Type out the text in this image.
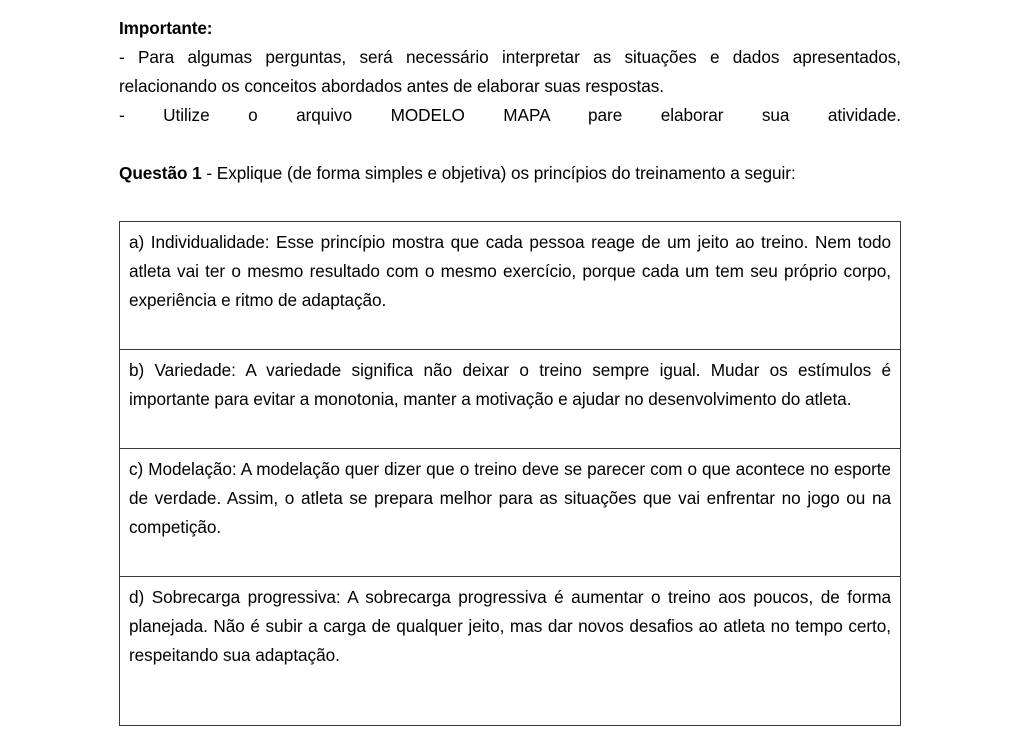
Importante:
- Para algumas perguntas, será necessário interpretar as situações e dados apresentados, relacionando os conceitos abordados antes de elaborar suas respostas.
- Utilize o arquivo MODELO MAPA pare elaborar sua atividade.
Questão 1 - Explique (de forma simples e objetiva) os princípios do treinamento a seguir:
a) Individualidade: Esse princípio mostra que cada pessoa reage de um jeito ao treino. Nem todo atleta vai ter o mesmo resultado com o mesmo exercício, porque cada um tem seu próprio corpo, experiência e ritmo de adaptação.

b) Variedade: A variedade significa não deixar o treino sempre igual. Mudar os estímulos é importante para evitar a monotonia, manter a motivação e ajudar no desenvolvimento do atleta.

c) Modelação: A modelação quer dizer que o treino deve se parecer com o que acontece no esporte de verdade. Assim, o atleta se prepara melhor para as situações que vai enfrentar no jogo ou na competição.

d) Sobrecarga progressiva: A sobrecarga progressiva é aumentar o treino aos poucos, de forma planejada. Não é subir a carga de qualquer jeito, mas dar novos desafios ao atleta no tempo certo, respeitando sua adaptação.
